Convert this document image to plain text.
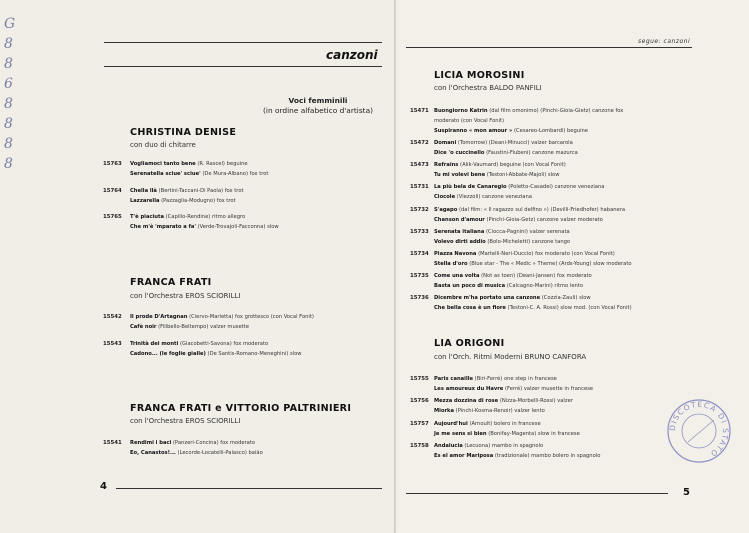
G
8
8
6
8
8
8
8
canzoni
Voci femminili
(in ordine alfabetico d'artista)
CHRISTINA DENISE
con duo di chitarre
15763 Vogliamoci tanto bene (R. Rascel) beguine
Serenatella sciue' sciue' (De Mura-Albano) fox trot
15764 Chella llà (Bertini-Taccani-Di Paola) fox trot
Lazzarella (Pazzaglia-Modugno) fox trot
15765 T'è piaciuta (Capillo-Rendine) ritmo allegro
Che m'è 'mparato a fa' (Verde-Trovajoli-Facconna) slow
FRANCA FRATI
con l'Orchestra EROS SCIORILLI
15542 Il prode D'Artagnan (Ciervo-Marletta) fox grottesco (con Vocal Fonit)
Cafè noir (Filibello-Beltempo) valzer musette
15543 Trinità dei monti (Giacobetti-Savona) fox moderato
Cadono... (le foglie gialle) (De Santis-Romano-Meneghini) slow
FRANCA FRATI e VITTORIO PALTRINIERI
con l'Orchestra EROS SCIORILLI
15541 Rendimi i baci (Panzeri-Concina) fox moderato
Eo, Canastos!... (Lecorde-Locatelli-Palasco) baião
4
segue: canzoni
LICIA MOROSINI
con l'Orchestra BALDO PANFILI
15471 Buongiorno Katrin (dal film omonimo) (Pinchi-Gioia-Gietz) canzone fox
moderato (con Vocal Fonit)
Suspiranno « mon amour » (Cesareo-Lombardi) beguine
15472 Domani (Tomorrow) (Deani-Minucci) valzer barcarola
Dice 'o cuccinello (Faustini-Fiubeni) canzone mazurca
15473 Refrains (Alik-Vaumard) beguine (con Vocal Fonit)
Tu mi volevi bene (Testoni-Abbate-Majoli) slow
15731 La più bela de Canaregio (Poletto-Casadei) canzone veneziana
Ciocole (Viezzoli) canzone veneziana
15732 S'agapo (dal film: « Il ragazzo sul delfino ») (Devilli-Friedhofer) habanera
Chanson d'amour (Pinchi-Gioia-Getz) canzone valzer moderato
15733 Serenata italiana (Ciocca-Pagnini) valzer serenata
Volevo dirti addio (Bolo-Micheletti) canzone tango
15734 Piazza Navona (Martelli-Neri-Duccio) fox moderato (con Vocal Fonit)
Stella d'oro (Blue star - The « Medic » Theme) (Ards-Young) slow moderato
15735 Come una volta (Not as toen) (Deani-Jansen) fox moderato
Basta un poco di musica (Calcagno-Marini) ritmo lento
15736 Dicembre m'ha portato una canzone (Cozzia-Zauli) slow
Che bella cosa è un fiore (Testoni-C. A. Rossi) slow mod. (con Vocal Fonit)
LIA ORIGONI
con l'Orch. Ritmi Moderni BRUNO CANFORA
15755 Paris canaille (Biri-Ferré) one step in francese
Les amoureux du Havre (Ferré) valzer musette in francese
15756 Mezza dozzina di rose (Nizza-Morbelli-Rossi) valzer
Miorka (Pinchi-Kosma-Renoir) valzer lento
15757 Aujourd'hui (Arnoult) bolero in francese
Je me sens si bien (Bonifay-Magenta) slow in francese
15758 Andalucia (Lecuona) mambo in spagnolo
Es el amor Mariposa (tradizionale) mambo bolero in spagnolo
DISCOTECA DI STATO
5
